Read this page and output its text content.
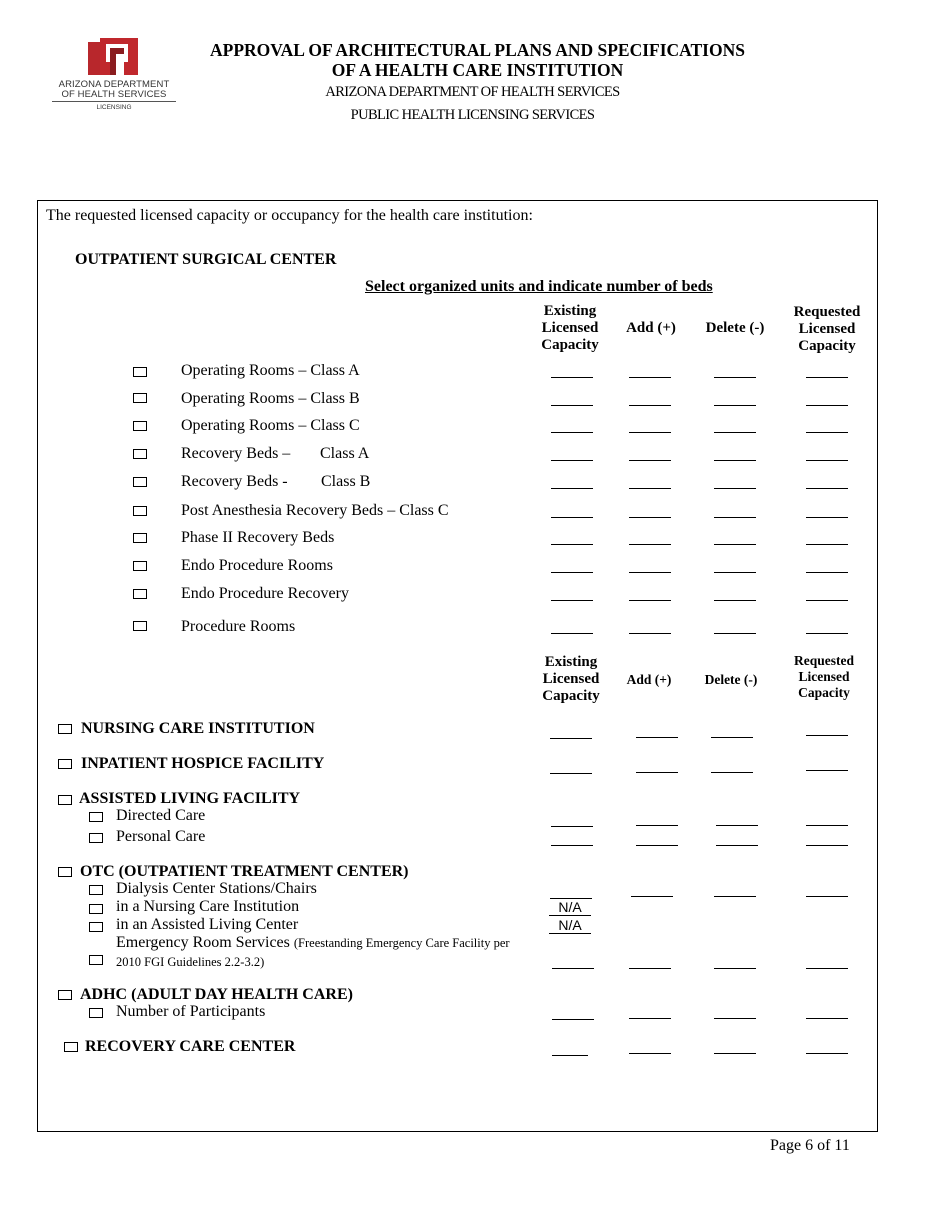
ARIZONA DEPARTMENT
OF HEALTH SERVICES
LICENSING
APPROVAL OF ARCHITECTURAL PLANS AND SPECIFICATIONS
OF A HEALTH CARE INSTITUTION
ARIZONA DEPARTMENT OF HEALTH SERVICES
PUBLIC HEALTH LICENSING SERVICES
The requested licensed capacity or occupancy for the health care institution:
OUTPATIENT SURGICAL CENTER
Select organized units and indicate number of beds
Existing
Licensed
Capacity
Add (+)	Delete (-)
Requested
Licensed
Capacity
Operating Rooms – Class A
Operating Rooms – Class B
Operating Rooms – Class C
Recovery Beds – Class A
Recovery Beds - Class B
Post Anesthesia Recovery Beds – Class C
Phase II Recovery Beds
Endo Procedure Rooms
Endo Procedure Recovery
Procedure Rooms
Existing
Licensed
Capacity
Add (+)	Delete (-)
Requested
Licensed
Capacity
NURSING CARE INSTITUTION
INPATIENT HOSPICE FACILITY
ASSISTED LIVING FACILITY
Directed Care
Personal Care
OTC (OUTPATIENT TREATMENT CENTER)
Dialysis Center Stations/Chairs
in a Nursing Care Institution
in an Assisted Living Center
Emergency Room Services (Freestanding Emergency Care Facility per
2010 FGI Guidelines 2.2-3.2)
N/A
N/A
ADHC (ADULT DAY HEALTH CARE)
Number of Participants
RECOVERY CARE CENTER
Page 6 of 11
